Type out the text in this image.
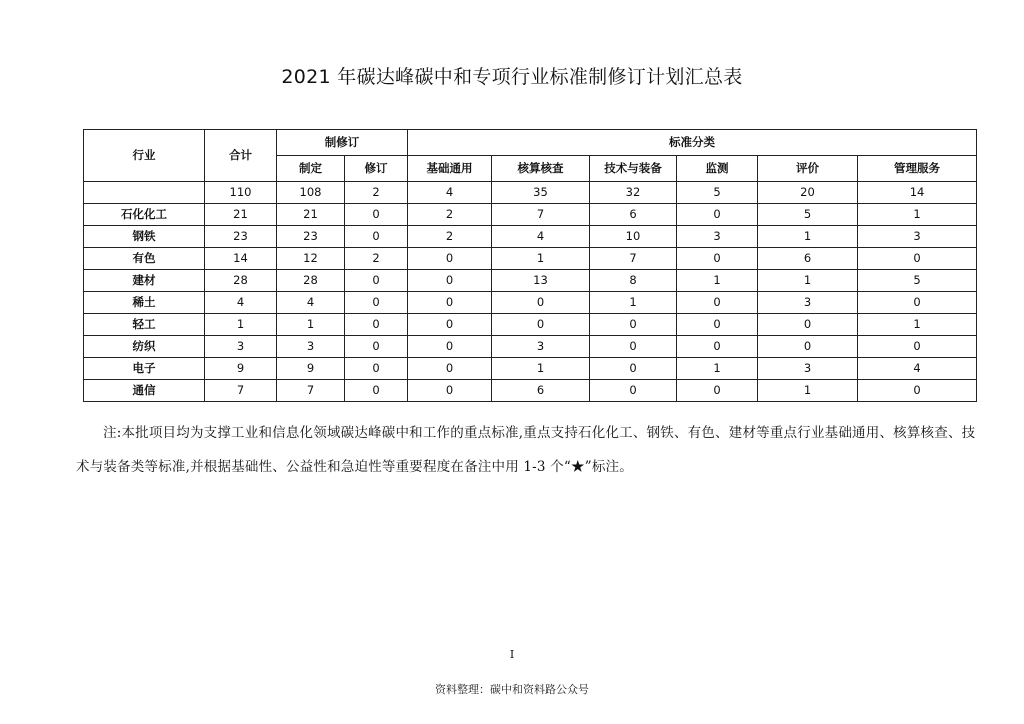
2021 年碳达峰碳中和专项行业标准制修订计划汇总表
行业	合计	制修订		标准分类					
		制定	修订	基础通用	核算核查	技术与装备	监测	评价	管理服务
	110	108	2	4	35	32	5	20	14
石化化工	21	21	0	2	7	6	0	5	1
钢铁	23	23	0	2	4	10	3	1	3
有色	14	12	2	0	1	7	0	6	0
建材	28	28	0	0	13	8	1	1	5
稀土	4	4	0	0	0	1	0	3	0
轻工	1	1	0	0	0	0	0	0	1
纺织	3	3	0	0	3	0	0	0	0
电子	9	9	0	0	1	0	1	3	4
通信	7	7	0	0	6	0	0	1	0
注:本批项目均为支撑工业和信息化领域碳达峰碳中和工作的重点标准,重点支持石化化工、钢铁、有色、建材等重点行业基础通用、核算核查、技术与装备类等标准,并根据基础性、公益性和急迫性等重要程度在备注中用 1-3 个“★”标注。
I
资料整理：碳中和资料路公众号
